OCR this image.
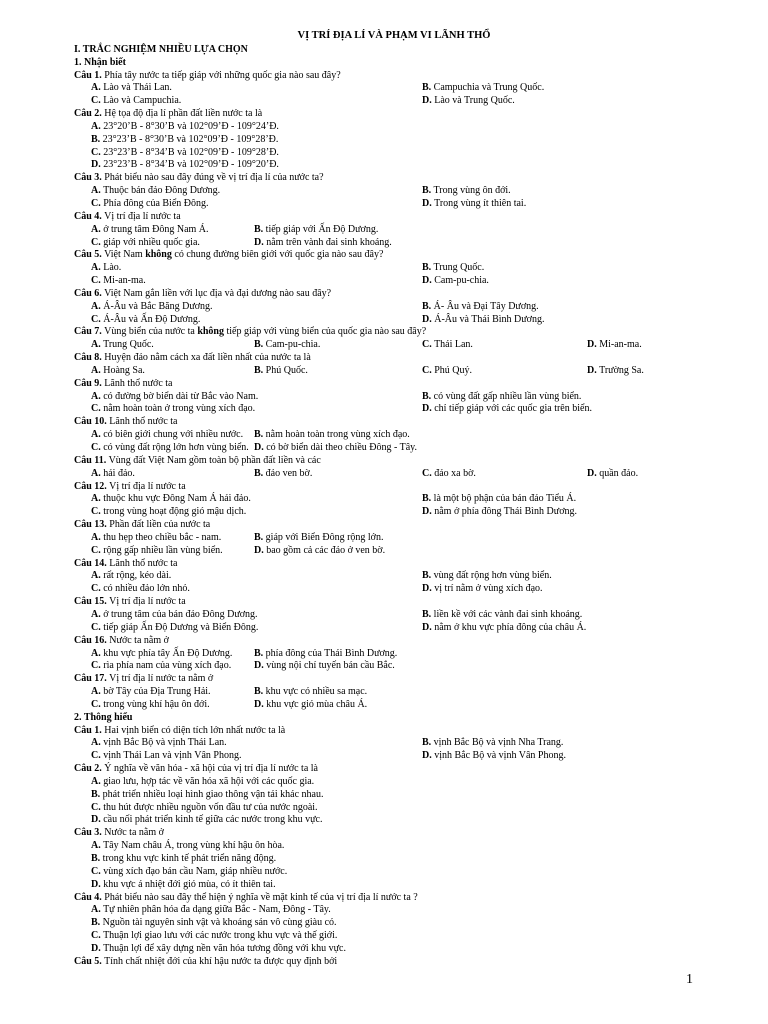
VỊ TRÍ ĐỊA LÍ VÀ PHẠM VI LÃNH THỔ
I. TRẮC NGHIỆM NHIỀU LỰA CHỌN
1. Nhận biết
Câu 1. Phía tây nước ta tiếp giáp với những quốc gia nào sau đây?
A. Lào và Thái Lan.	B. Campuchia và Trung Quốc.
C. Lào và Campuchia.	D. Lào và Trung Quốc.
Câu 2. Hệ tọa độ địa lí phần đất liền nước ta là
A. 23°20’B - 8°30’B và 102°09’Đ - 109°24’Đ.
B. 23°23’B - 8°30’B và 102°09’Đ - 109°28’Đ.
C. 23°23’B - 8°34’B và 102°09’Đ - 109°28’Đ.
D. 23°23’B - 8°34’B và 102°09’Đ - 109°20’Đ.
Câu 3. Phát biểu nào sau đây đúng về vị trí địa lí của nước ta?
A. Thuộc bán đảo Đông Dương.	B. Trong vùng ôn đới.
C. Phía đông của Biển Đông.	D. Trong vùng ít thiên tai.
Câu 4. Vị trí địa lí nước ta
A. ở trung tâm Đông Nam Á.	B. tiếp giáp với Ấn Độ Dương.
C. giáp với nhiều quốc gia.	D. nằm trên vành đai sinh khoáng.
Câu 5. Việt Nam không có chung đường biên giới với quốc gia nào sau đây?
A. Lào.	B. Trung Quốc.
C. Mi-an-ma.	D. Cam-pu-chia.
Câu 6. Việt Nam gắn liền với lục địa và đại dương nào sau đây?
A. Á-Âu và Bắc Băng Dương.	B. Á- Âu và Đại Tây Dương.
C. Á-Âu và Ấn Độ Dương.	D. Á-Âu và Thái Bình Dương.
Câu 7. Vùng biển của nước ta không tiếp giáp với vùng biển của quốc gia nào sau đây?
A. Trung Quốc.	B. Cam-pu-chia.	C. Thái Lan.	D. Mi-an-ma.
Câu 8. Huyện đảo nằm cách xa đất liền nhất của nước ta là
A. Hoàng Sa.	B. Phú Quốc.	C. Phú Quý.	D. Trường Sa.
Câu 9. Lãnh thổ nước ta
A. có đường bờ biển dài từ Bắc vào Nam.	B. có vùng đất gấp nhiều lần vùng biển.
C. nằm hoàn toàn ở trong vùng xích đạo.	D. chỉ tiếp giáp với các quốc gia trên biển.
Câu 10. Lãnh thổ nước ta
A. có biên giới chung với nhiều nước. B. nằm hoàn toàn trong vùng xích đạo.
C. có vùng đất rộng lớn hơn vùng biển. D. có bờ biển dài theo chiều Đông - Tây.
Câu 11. Vùng đất Việt Nam gồm toàn bộ phần đất liền và các
A. hải đảo.	B. đảo ven bờ.	C. đảo xa bờ.	D. quần đảo.
Câu 12. Vị trí địa lí nước ta
A. thuộc khu vực Đông Nam Á hải đảo.	B. là một bộ phận của bán đảo Tiểu Á.
C. trong vùng hoạt động gió mậu dịch.	D. nằm ở phía đông Thái Bình Dương.
Câu 13. Phần đất liền của nước ta
A. thu hẹp theo chiều bắc - nam.	B. giáp với Biển Đông rộng lớn.
C. rộng gấp nhiều lần vùng biển.	D. bao gồm cả các đảo ở ven bờ.
Câu 14. Lãnh thổ nước ta
A. rất rộng, kéo dài.	B. vùng đất rộng hơn vùng biển.
C. có nhiều đảo lớn nhỏ.	D. vị trí nằm ở vùng xích đạo.
Câu 15. Vị trí địa lí nước ta
A. ở trung tâm của bán đảo Đông Dương.	B. liền kề với các vành đai sinh khoáng.
C. tiếp giáp Ấn Độ Dương và Biển Đông.	D. nằm ở khu vực phía đông của châu Á.
Câu 16. Nước ta nằm ở
A. khu vực phía tây Ấn Độ Dương. B. phía đông của Thái Bình Dương.
C. rìa phía nam của vùng xích đạo. D. vùng nội chí tuyến bán cầu Bắc.
Câu 17. Vị trí địa lí nước ta nằm ở
A. bờ Tây của Địa Trung Hải.	B. khu vực có nhiều sa mạc.
C. trong vùng khí hậu ôn đới.	D. khu vực gió mùa châu Á.
2. Thông hiểu
Câu 1. Hai vịnh biển có diện tích lớn nhất nước ta là
A. vịnh Bắc Bộ và vịnh Thái Lan.	B. vịnh Bắc Bộ và vịnh Nha Trang.
C. vịnh Thái Lan và vịnh Vân Phong.	D. vịnh Bắc Bộ và vịnh Vân Phong.
Câu 2. Ý nghĩa về văn hóa - xã hội của vị trí địa lí nước ta là
A. giao lưu, hợp tác về văn hóa xã hội với các quốc gia.
B. phát triển nhiều loại hình giao thông vận tải khác nhau.
C. thu hút được nhiều nguồn vốn đầu tư của nước ngoài.
D. cầu nối phát triển kinh tế giữa các nước trong khu vực.
Câu 3. Nước ta nằm ở
A. Tây Nam châu Á, trong vùng khí hậu ôn hòa.
B. trong khu vực kinh tế phát triển năng động.
C. vùng xích đạo bán cầu Nam, giáp nhiều nước.
D. khu vực á nhiệt đới gió mùa, có ít thiên tai.
Câu 4. Phát biểu nào sau đây thể hiện ý nghĩa về mặt kinh tế của vị trí địa lí nước ta ?
A. Tự nhiên phân hóa đa dạng giữa Bắc - Nam, Đông - Tây.
B. Nguồn tài nguyên sinh vật và khoáng sản vô cùng giàu có.
C. Thuận lợi giao lưu với các nước trong khu vực và thế giới.
D. Thuận lợi để xây dựng nền văn hóa tương đồng với khu vực.
Câu 5. Tính chất nhiệt đới của khí hậu nước ta được quy định bởi
1
